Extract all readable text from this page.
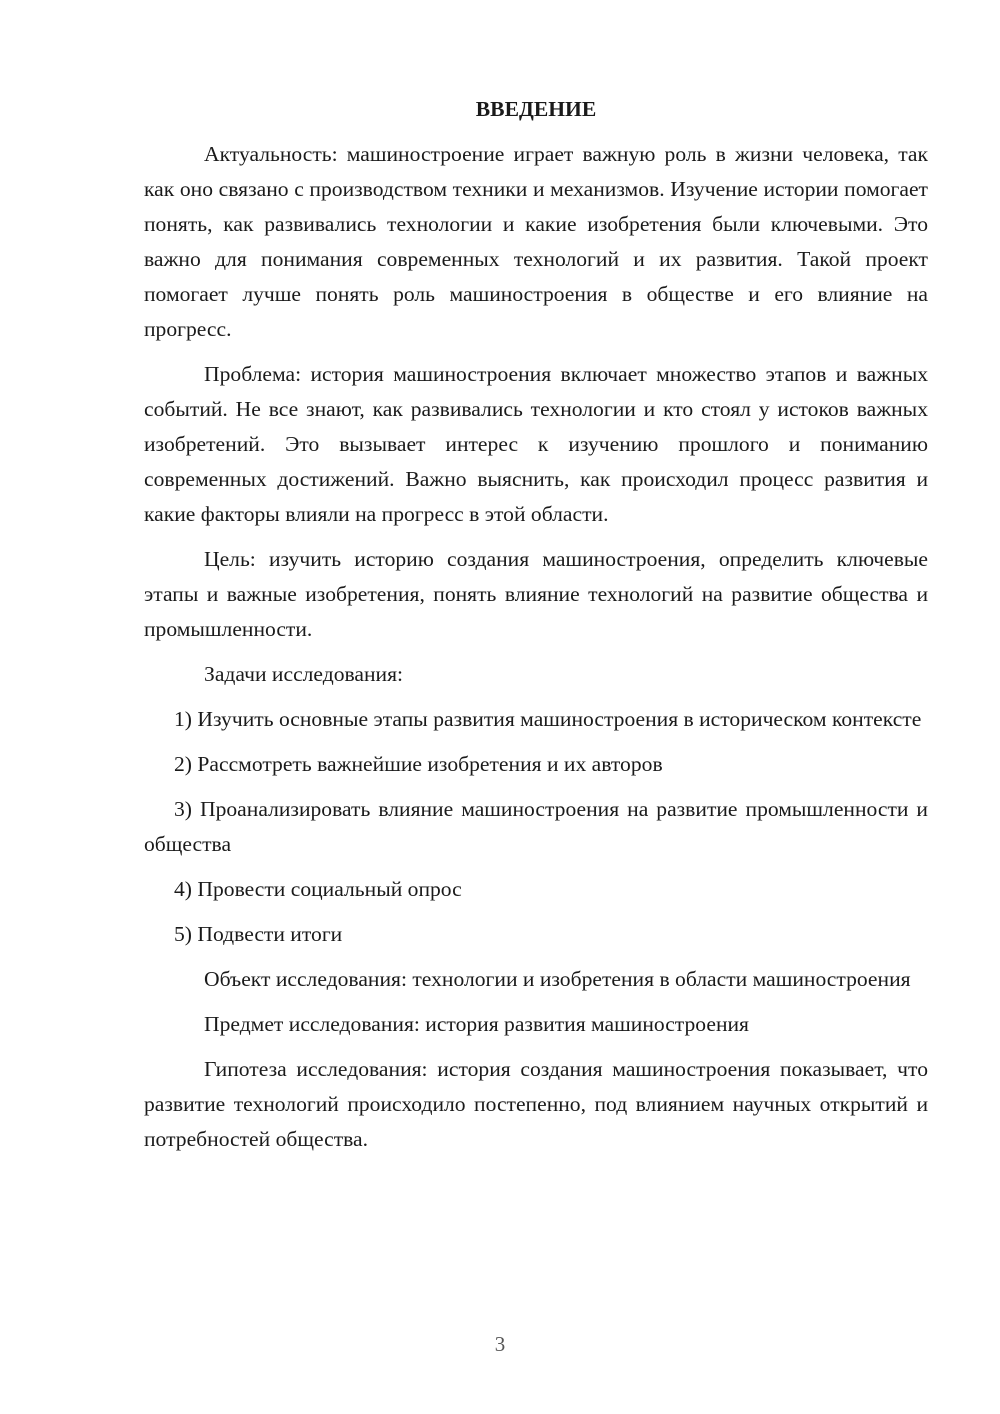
ВВЕДЕНИЕ

Актуальность: машиностроение играет важную роль в жизни человека, так как оно связано с производством техники и механизмов. Изучение истории помогает понять, как развивались технологии и какие изобретения были ключевыми. Это важно для понимания современных технологий и их развития. Такой проект помогает лучше понять роль машиностроения в обществе и его влияние на прогресс.

Проблема: история машиностроения включает множество этапов и важных событий. Не все знают, как развивались технологии и кто стоял у истоков важных изобретений. Это вызывает интерес к изучению прошлого и пониманию современных достижений. Важно выяснить, как происходил процесс развития и какие факторы влияли на прогресс в этой области.

Цель: изучить историю создания машиностроения, определить ключевые этапы и важные изобретения, понять влияние технологий на развитие общества и промышленности.

Задачи исследования:

1) Изучить основные этапы развития машиностроения в историческом контексте

2) Рассмотреть важнейшие изобретения и их авторов

3) Проанализировать влияние машиностроения на развитие промышленности и общества

4) Провести социальный опрос

5) Подвести итоги

Объект исследования: технологии и изобретения в области машиностроения

Предмет исследования: история развития машиностроения

Гипотеза исследования: история создания машиностроения показывает, что развитие технологий происходило постепенно, под влиянием научных открытий и потребностей общества.

3
